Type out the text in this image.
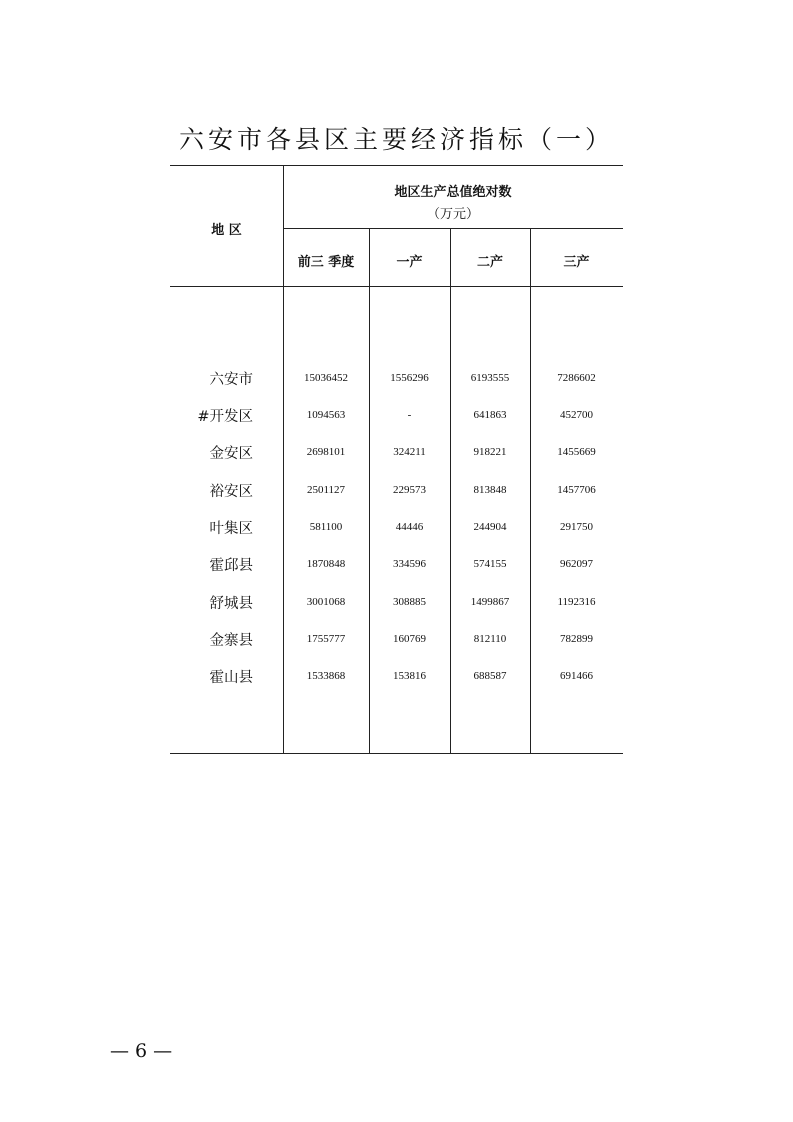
六安市各县区主要经济指标（一）
地 区
地区生产总值绝对数
（万元）
前三 季度	一产	二产	三产
六安市	15036452	1556296	6193555	7286602
#开发区	1094563	-	641863	452700
金安区	2698101	324211	918221	1455669
裕安区	2501127	229573	813848	1457706
叶集区	581100	44446	244904	291750
霍邱县	1870848	334596	574155	962097
舒城县	3001068	308885	1499867	1192316
金寨县	1755777	160769	812110	782899
霍山县	1533868	153816	688587	691466
— 6 —
